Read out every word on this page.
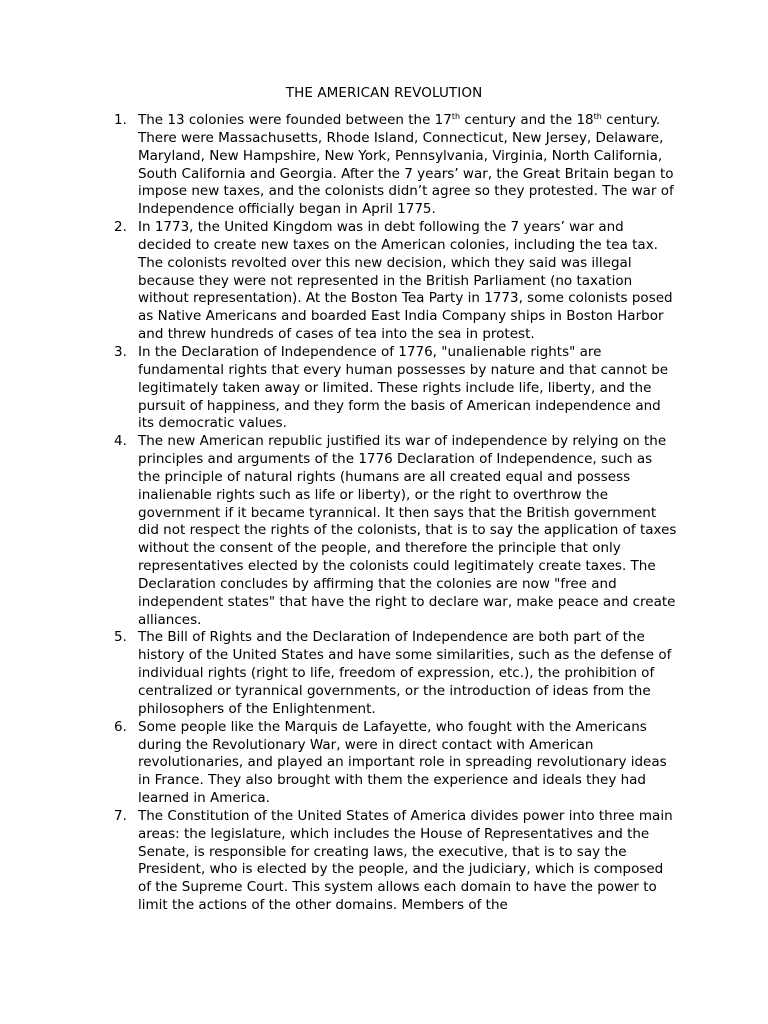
THE AMERICAN REVOLUTION
1. The 13 colonies were founded between the 17th century and the 18th century. There were Massachusetts, Rhode Island, Connecticut, New Jersey, Delaware, Maryland, New Hampshire, New York, Pennsylvania, Virginia, North California, South California and Georgia. After the 7 years’ war, the Great Britain began to impose new taxes, and the colonists didn’t agree so they protested. The war of Independence officially began in April 1775.
2. In 1773, the United Kingdom was in debt following the 7 years’ war and decided to create new taxes on the American colonies, including the tea tax. The colonists revolted over this new decision, which they said was illegal because they were not represented in the British Parliament (no taxation without representation). At the Boston Tea Party in 1773, some colonists posed as Native Americans and boarded East India Company ships in Boston Harbor and threw hundreds of cases of tea into the sea in protest.
3. In the Declaration of Independence of 1776, "unalienable rights" are fundamental rights that every human possesses by nature and that cannot be legitimately taken away or limited. These rights include life, liberty, and the pursuit of happiness, and they form the basis of American independence and its democratic values.
4. The new American republic justified its war of independence by relying on the principles and arguments of the 1776 Declaration of Independence, such as the principle of natural rights (humans are all created equal and possess inalienable rights such as life or liberty), or the right to overthrow the government if it became tyrannical. It then says that the British government did not respect the rights of the colonists, that is to say the application of taxes without the consent of the people, and therefore the principle that only representatives elected by the colonists could legitimately create taxes. The Declaration concludes by affirming that the colonies are now "free and independent states" that have the right to declare war, make peace and create alliances.
5. The Bill of Rights and the Declaration of Independence are both part of the history of the United States and have some similarities, such as the defense of individual rights (right to life, freedom of expression, etc.), the prohibition of centralized or tyrannical governments, or the introduction of ideas from the philosophers of the Enlightenment.
6. Some people like the Marquis de Lafayette, who fought with the Americans during the Revolutionary War, were in direct contact with American revolutionaries, and played an important role in spreading revolutionary ideas in France. They also brought with them the experience and ideals they had learned in America.
7. The Constitution of the United States of America divides power into three main areas: the legislature, which includes the House of Representatives and the Senate, is responsible for creating laws, the executive, that is to say the President, who is elected by the people, and the judiciary, which is composed of the Supreme Court. This system allows each domain to have the power to limit the actions of the other domains. Members of the
